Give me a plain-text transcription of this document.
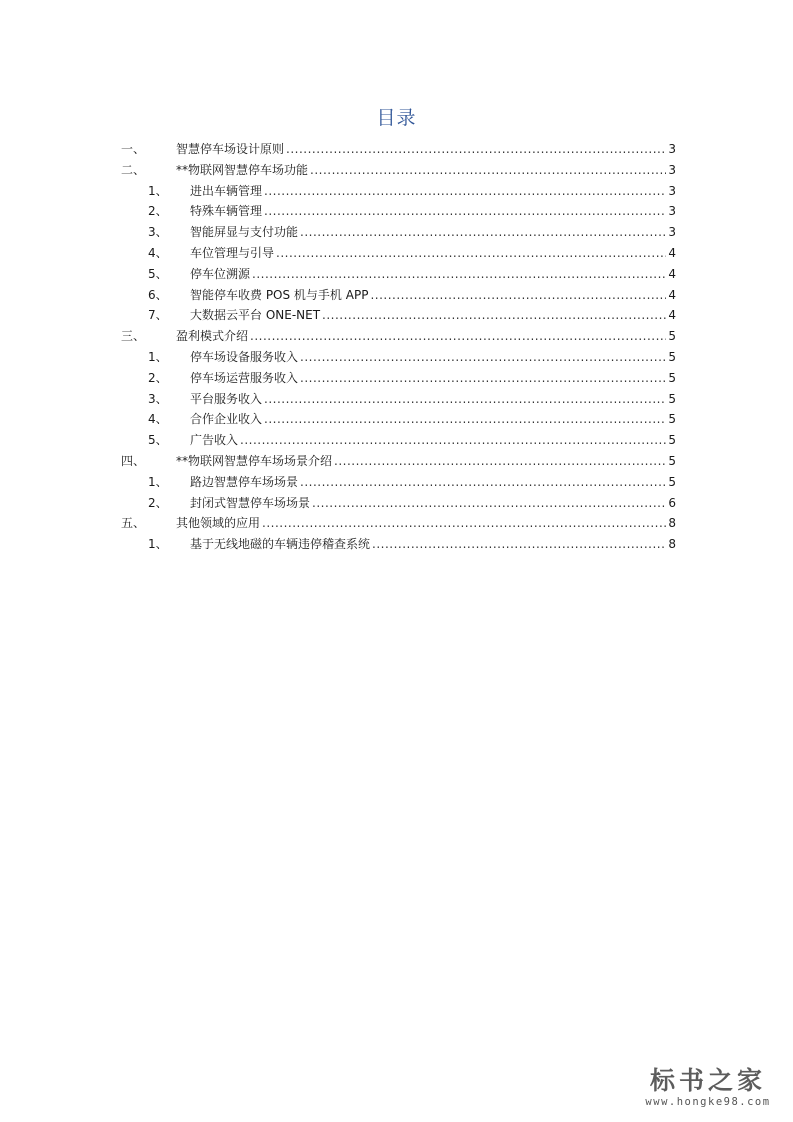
目录
一、	智慧停车场设计原则 .....	3
二、	**物联网智慧停车场功能 .....	3
1、	进出车辆管理 .....	3
2、	特殊车辆管理 .....	3
3、	智能屏显与支付功能 .....	3
4、	车位管理与引导 .....	4
5、	停车位溯源 .....	4
6、	智能停车收费 POS 机与手机 APP .....	4
7、	大数据云平台 ONE-NET .....	4
三、	盈利模式介绍 .....	5
1、	停车场设备服务收入 .....	5
2、	停车场运营服务收入 .....	5
3、	平台服务收入 .....	5
4、	合作企业收入 .....	5
5、	广告收入 .....	5
四、	**物联网智慧停车场场景介绍 .....	5
1、	路边智慧停车场场景 .....	5
2、	封闭式智慧停车场场景 .....	6
五、	其他领域的应用 .....	8
1、	基于无线地磁的车辆违停稽查系统 .....	8
标书之家
www.hongke98.com
